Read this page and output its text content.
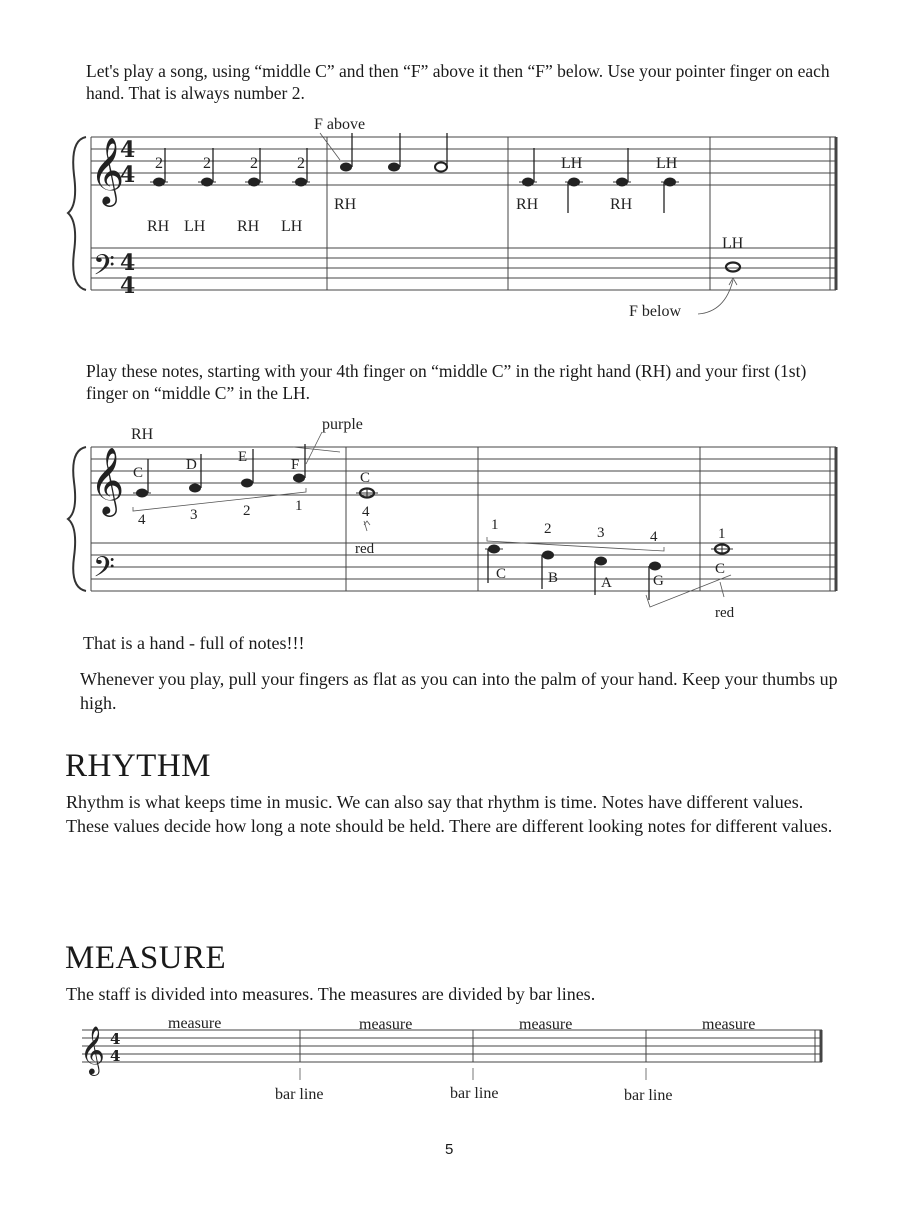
Let's play a song, using “middle C” and then “F” above it then “F” below. Use your pointer finger on each hand. That is always number 2.

𝄞
𝄢
4
4
4
4
2	2 2 2
RH LH RH LH
F above
RH
LH	LH
RH	RH
LH
F below

Play these notes, starting with your 4th finger on “middle C” in the right hand (RH) and your first (1st) finger on “middle C” in the LH.

𝄞
𝄢
RH
purple
C	D	E	F
4	3	2	1
C
4
red
1	2	3	4
C	B	A	G
1
C
red

That is a hand - full of notes!!!

Whenever you play, pull your fingers as flat as you can into the palm of your hand. Keep your thumbs up high.

RHYTHM

Rhythm is what keeps time in music. We can also say that rhythm is time. Notes have different values. These values decide how long a note should be held. There are different looking notes for different values.

MEASURE

The staff is divided into measures. The measures are divided by bar lines.

𝄞 4
4
measure	measure	measure	measure
bar line	bar line	bar line
5
